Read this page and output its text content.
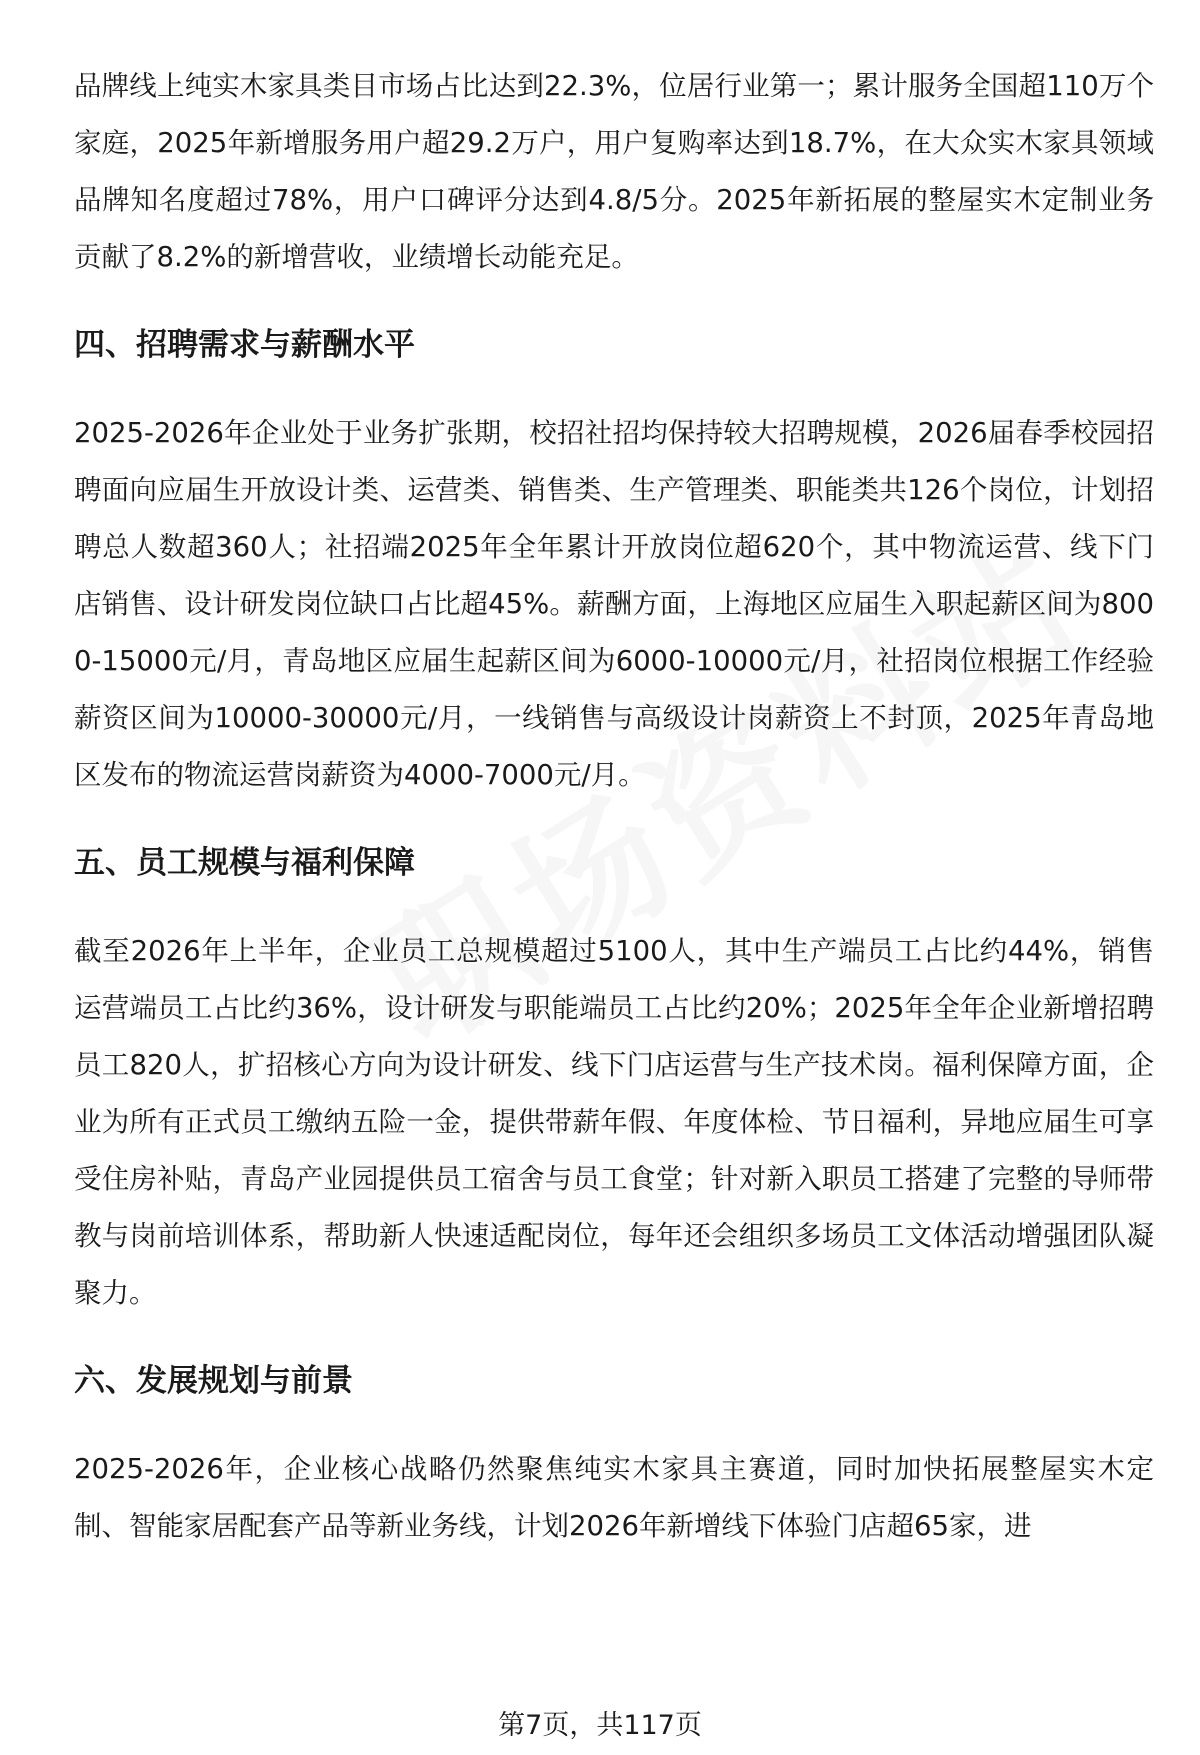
品牌线上纯实木家具类目市场占比达到22.3%，位居行业第一；累计服务全国超110万个家庭，2025年新增服务用户超29.2万户，用户复购率达到18.7%，在大众实木家具领域品牌知名度超过78%，用户口碑评分达到4.8/5分。2025年新拓展的整屋实木定制业务贡献了8.2%的新增营收，业绩增长动能充足。

四、招聘需求与薪酬水平

2025-2026年企业处于业务扩张期，校招社招均保持较大招聘规模，2026届春季校园招聘面向应届生开放设计类、运营类、销售类、生产管理类、职能类共126个岗位，计划招聘总人数超360人；社招端2025年全年累计开放岗位超620个，其中物流运营、线下门店销售、设计研发岗位缺口占比超45%。薪酬方面，上海地区应届生入职起薪区间为8000-15000元/月，青岛地区应届生起薪区间为6000-10000元/月，社招岗位根据工作经验薪资区间为10000-30000元/月，一线销售与高级设计岗薪资上不封顶，2025年青岛地区发布的物流运营岗薪资为4000-7000元/月。

五、员工规模与福利保障

截至2026年上半年，企业员工总规模超过5100人，其中生产端员工占比约44%，销售运营端员工占比约36%，设计研发与职能端员工占比约20%；2025年全年企业新增招聘员工820人，扩招核心方向为设计研发、线下门店运营与生产技术岗。福利保障方面，企业为所有正式员工缴纳五险一金，提供带薪年假、年度体检、节日福利，异地应届生可享受住房补贴，青岛产业园提供员工宿舍与员工食堂；针对新入职员工搭建了完整的导师带教与岗前培训体系，帮助新人快速适配岗位，每年还会组织多场员工文体活动增强团队凝聚力。

六、发展规划与前景

2025-2026年，企业核心战略仍然聚焦纯实木家具主赛道，同时加快拓展整屋实木定制、智能家居配套产品等新业务线，计划2026年新增线下体验门店超65家，进

第7页，共117页
